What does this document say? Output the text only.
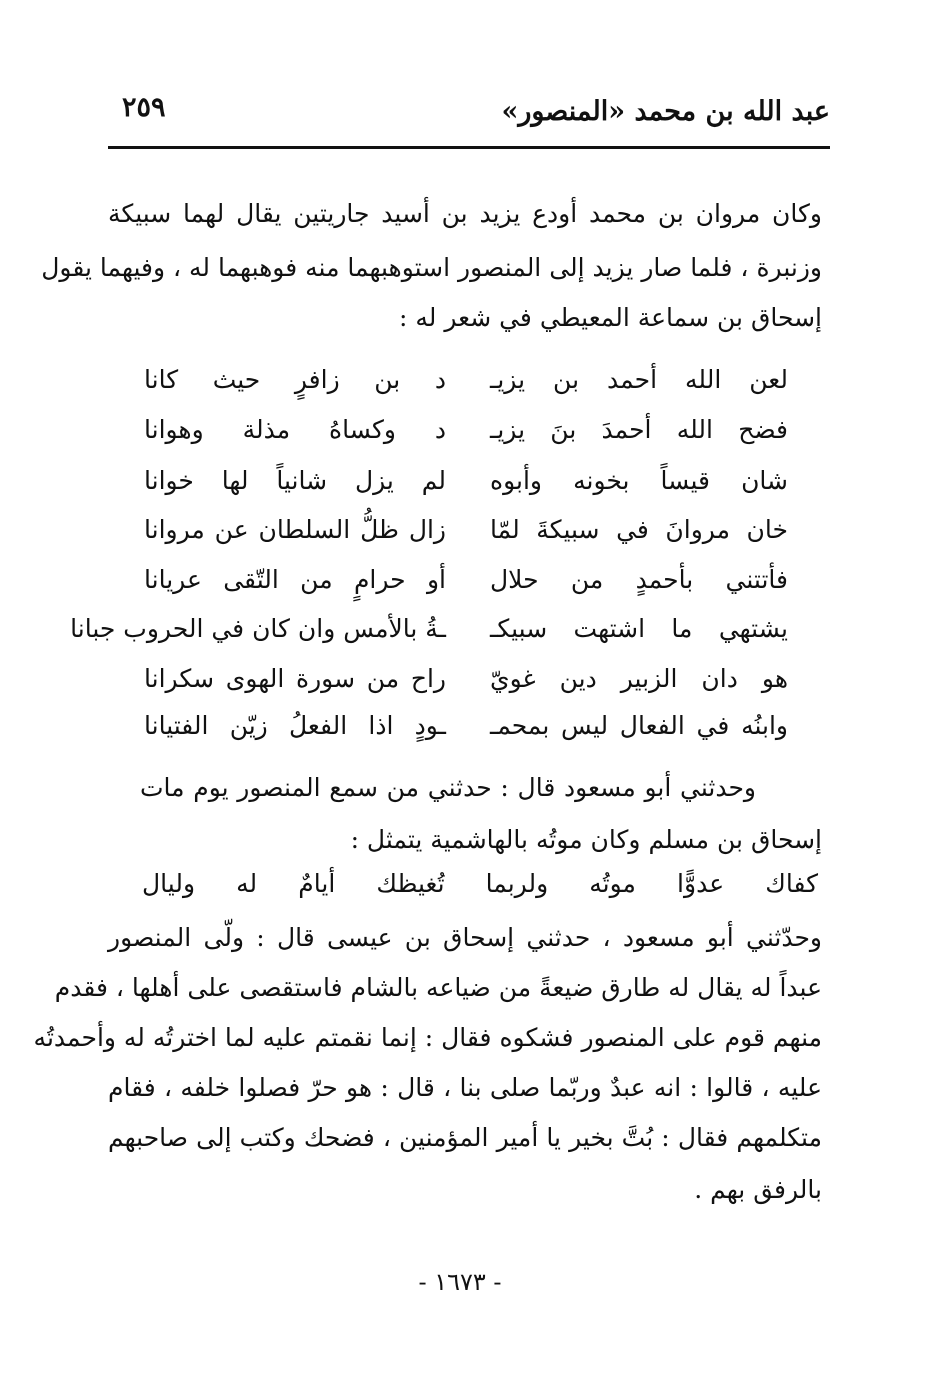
عبد الله بن محمد «المنصور»
٢٥٩
وكان مروان بن محمد أودع يزيد بن أسيد جاريتين يقال لهما سبيكة
وزنبرة ، فلما صار يزيد إلى المنصور استوهبهما منه فوهبهما له ، وفيهما يقول
إسحاق بن سماعة المعيطي في شعر له :
لعن الله أحمد بن يزيـ
د بن زافرٍ حيث كانا
فضح الله أحمدَ بنَ يزيـ
د وكساهُ مذلة وهوانا
شان قيساً بخونه وأبوه
لم يزل شانياً لها خوانا
خان مروانَ في سبيكةَ لمّا
زال ظلُّ السلطان عن مروانا
فأتتني بأحمدٍ من حلال
أو حرامٍ من التّقى عريانا
يشتهي ما اشتهت سبيكـ
ـةُ بالأمس وان كان في الحروب جبانا
هو دان الزبير دين غويّ
راح من سورة الهوى سكرانا
وابنُه في الفعال ليس بمحمـ
ـودٍ اذا الفعلُ زيّن الفتيانا
وحدثني أبو مسعود قال : حدثني من سمع المنصور يوم مات
إسحاق بن مسلم وكان موتُه بالهاشمية يتمثل :
كفاك عدوًّا موتُه ولربما تُغيظك أيامٌ له وليال
وحدّثني أبو مسعود ، حدثني إسحاق بن عيسى قال : ولّى المنصور
عبداً له يقال له طارق ضيعةً من ضياعه بالشام فاستقصى على أهلها ، فقدم
منهم قوم على المنصور فشكوه فقال : إنما نقمتم عليه لما اخترتُه له وأحمدتُه
عليه ، قالوا : انه عبدٌ وربّما صلى بنا ، قال : هو حرّ فصلوا خلفه ، فقام
متكلمهم فقال : بُتَّ بخير يا أمير المؤمنين ، فضحك وكتب إلى صاحبهم
بالرفق بهم .
- ١٦٧٣ -
